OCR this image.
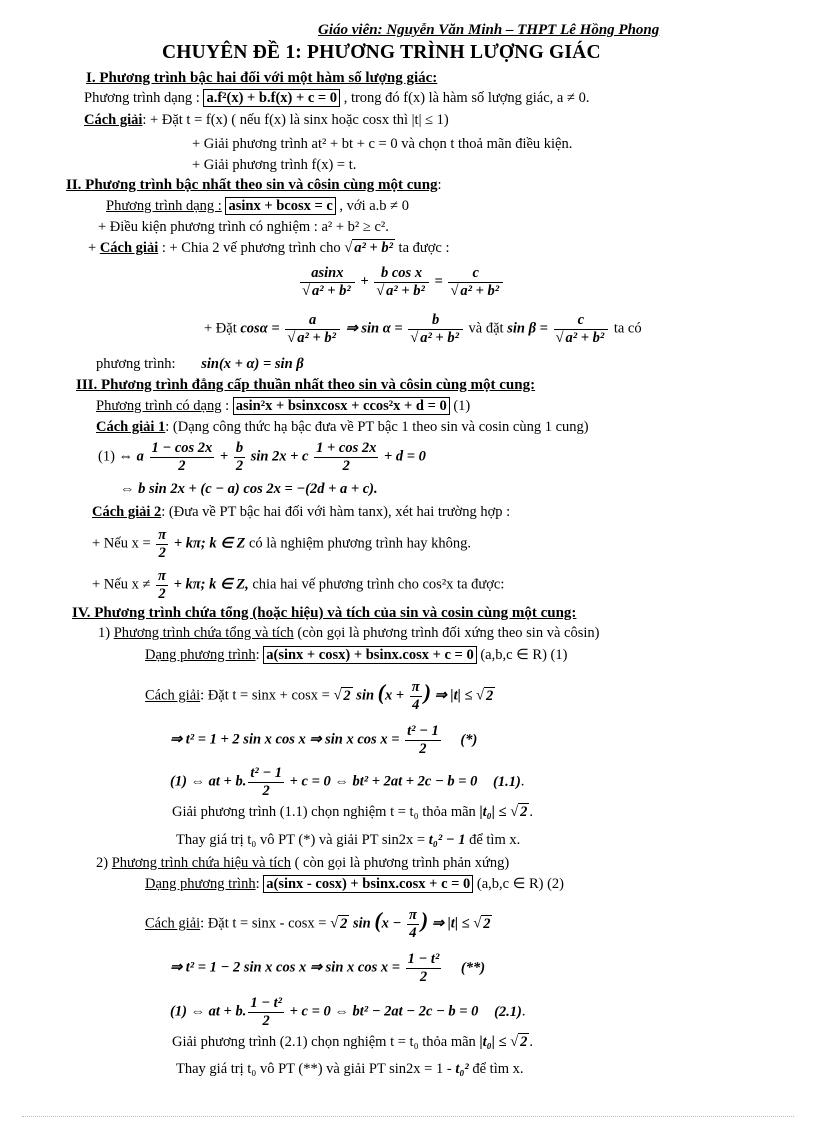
Giáo viên: Nguyễn Văn Minh – THPT Lê Hồng Phong
CHUYÊN ĐỀ 1: PHƯƠNG TRÌNH LƯỢNG GIÁC
I. Phương trình bậc hai đối với một hàm số lượng giác:
Phương trình dạng : a.f²(x) + b.f(x) + c = 0 , trong đó f(x) là hàm số lượng giác, a ≠ 0.
Cách giải: + Đặt t = f(x) ( nếu f(x) là sinx hoặc cosx thì |t| ≤ 1)
+ Giải phương trình at² + bt + c = 0 và chọn t thoả mãn điều kiện.
+ Giải phương trình f(x) = t.
II. Phương trình bậc nhất theo sin và côsin cùng một cung:
Phương trình dạng : asinx + bcosx = c , với a.b ≠ 0
+ Điều kiện phương trình có nghiệm : a² + b² ≥ c².
+ Cách giải : + Chia 2 vế phương trình cho √ a² + b² ta được :
$\frac{asinx}{\text{√ a² + b²}} + \frac{\text{b cos x}}{\text{√ a² + b²}} = \frac{c}{\text{√ a² + b²}}$
+ Đặt $\cos\alpha = \frac{a}{\text{√ a² + b²}}$ ⇒ $\sin \alpha = \frac{b}{\text{√ a² + b²}}$ và đặt $\sin \beta = \frac{c}{\text{√ a² + b²}}$ ta có
phương trình: sin(x + α) = sin β
III. Phương trình đẳng cấp thuần nhất theo sin và côsin cùng một cung:
Phương trình có dạng : asin²x + bsinxcosx + ccos²x + d = 0 (1)
Cách giải 1: (Dạng công thức hạ bậc đưa về PT bậc 1 theo sin và cosin cùng 1 cung)
(1) ⇔ a $\frac{1 - \cos 2x}{2} + \frac{b}{2}$ sin 2x + c $\frac{1 + \cos 2x}{2} + d = 0$
⇔ b sin 2x + (c − a) cos 2x = −(2d + a + c).
Cách giải 2: (Đưa về PT bậc hai đối với hàm tanx), xét hai trường hợp :
+ Nếu $x = \frac{\pi}{2} + k\pi$; k ∈ Z có là nghiệm phương trình hay không.
+ Nếu $x \ne \frac{\pi}{2} + k\pi$; k ∈ Z, chia hai vế phương trình cho cos²x ta được:
IV. Phương trình chứa tổng (hoặc hiệu) và tích của sin và cosin cùng một cung:
1) Phương trình chứa tổng và tích (còn gọi là phương trình đối xứng theo sin và côsin)
Dạng phương trình: a(sinx + cosx) + bsinx.cosx + c = 0 (a,b,c ∈ R) (1)
Cách giải: Đặt t = sinx + cosx = √ 2 $\sin (x + \frac{\pi}{4}$ ) ⇒ |t| ≤ √ 2
⇒ t² = 1 + 2 sin x cos x ⇒ sin x $\cos x = \frac{\text{t² − 1}}{2}$ (*)
(1) ⇔ at + b. $\frac{\text{t² − 1}}{2} + c = 0$ ⇔ bt² + 2at + 2c − b = 0 (1.1).
Giải phương trình (1.1) chọn nghiệm t = t₀ thỏa mãn |t₀| ≤ √ 2 .
Thay giá trị t₀ vô PT (*) và giải PT sin2x = t₀² − 1 để tìm x.
2) Phương trình chứa hiệu và tích ( còn gọi là phương trình phản xứng)
Dạng phương trình: a(sinx - cosx) + bsinx.cosx + c = 0 (a,b,c ∈ R) (2)
Cách giải: Đặt t = sinx - cosx = √ 2 $\sin (x - \frac{\pi}{4}$ ) ⇒ |t| ≤ √ 2
⇒ t² = 1 − 2 sin x cos x ⇒ sin x $\cos x = \frac{\text{1 − t²}}{2}$ (**)
(1) ⇔ at + b. $\frac{\text{1 − t²}}{2} + c = 0$ ⇔ bt² − 2at − 2c − b = 0 (2.1).
Giải phương trình (2.1) chọn nghiệm t = t₀ thỏa mãn |t₀| ≤ √ 2 .
Thay giá trị t₀ vô PT (**) và giải PT sin2x = 1 - t₀² để tìm x.
